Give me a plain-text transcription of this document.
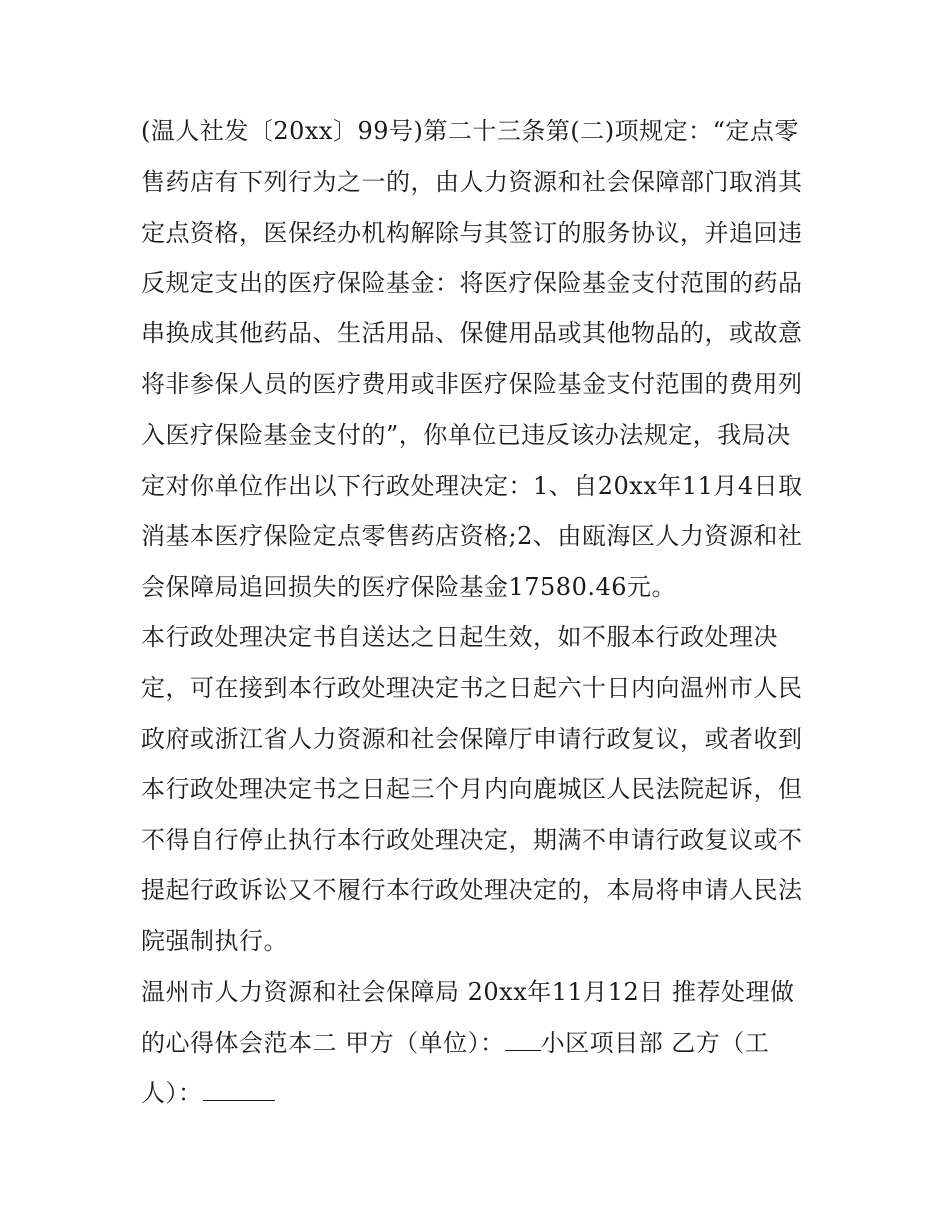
(温人社发〔20xx〕99号)第二十三条第(二)项规定：“定点零
售药店有下列行为之一的，由人力资源和社会保障部门取消其
定点资格，医保经办机构解除与其签订的服务协议，并追回违
反规定支出的医疗保险基金：将医疗保险基金支付范围的药品
串换成其他药品、生活用品、保健用品或其他物品的，或故意
将非参保人员的医疗费用或非医疗保险基金支付范围的费用列
入医疗保险基金支付的”，你单位已违反该办法规定，我局决
定对你单位作出以下行政处理决定：1、自20xx年11月4日取
消基本医疗保险定点零售药店资格;2、由瓯海区人力资源和社
会保障局追回损失的医疗保险基金17580.46元。
本行政处理决定书自送达之日起生效，如不服本行政处理决
定，可在接到本行政处理决定书之日起六十日内向温州市人民
政府或浙江省人力资源和社会保障厅申请行政复议，或者收到
本行政处理决定书之日起三个月内向鹿城区人民法院起诉，但
不得自行停止执行本行政处理决定，期满不申请行政复议或不
提起行政诉讼又不履行本行政处理决定的，本局将申请人民法
院强制执行。
温州市人力资源和社会保障局 20xx年11月12日 推荐处理做
的心得体会范本二 甲方（单位）： 小区项目部 乙方（工
人）：
